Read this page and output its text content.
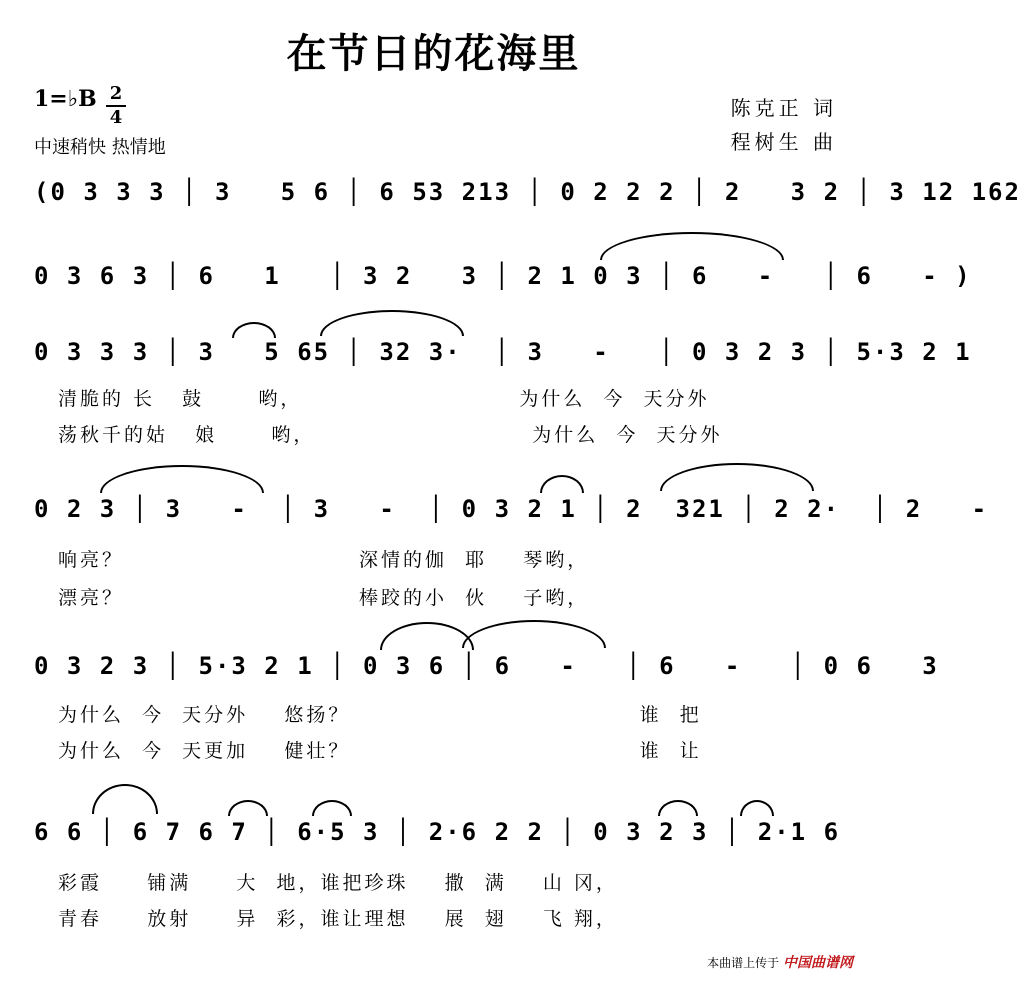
在节日的花海里
1=♭B 2
4
中速稍快 热情地
陈克正 词
程树生 曲
(0 3 3 3 │ 3   5 6 │ 6 53 213 │ 0 2 2 2 │ 2   3 2 │ 3 12 162
0 3 6 3 │ 6   1   │ 3 2   3 │ 2 1 0 3 │ 6   -   │ 6   - )
0 3 3 3 │ 3   5 65 │ 32 3·  │ 3   -   │ 0 3 2 3 │ 5·3 2 1
清脆的 长   鼓      哟，                        为什么  今  天分外
荡秋千的姑   娘      哟，                        为什么  今  天分外
0 2 3 │ 3   -  │ 3   -  │ 0 3 2 1 │ 2  321 │ 2 2·  │ 2   -
响亮？                          深情的伽  耶    琴哟，
漂亮？                          棒跤的小  伙    子哟，
0 3 2 3 │ 5·3 2 1 │ 0 3 6 │ 6   -   │ 6   -   │ 0 6   3
为什么  今  天分外    悠扬？                                谁  把
为什么  今  天更加    健壮？                                谁  让
6 6 │ 6 7 6 7 │ 6·5 3 │ 2·6 2 2 │ 0 3 2 3 │ 2·1 6
彩霞     铺满     大  地，谁把珍珠    撒  满    山 冈，
青春     放射     异  彩，谁让理想    展  翅    飞 翔，
本曲谱上传于 中国曲谱网
